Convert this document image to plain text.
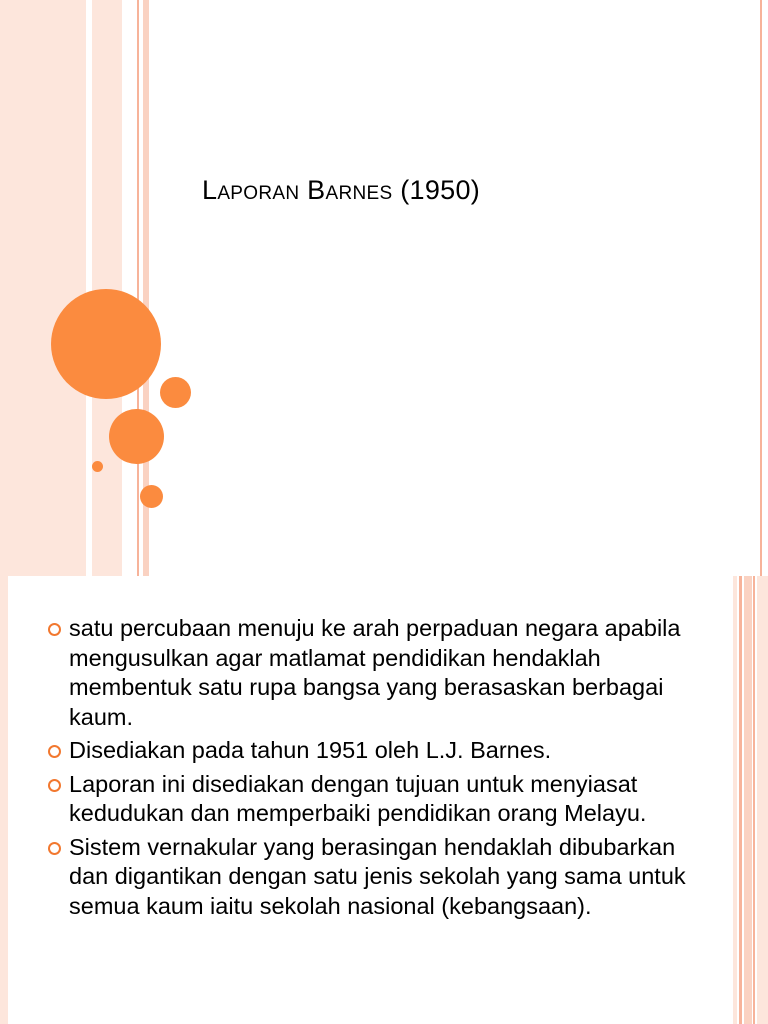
Laporan Barnes (1950)
satu percubaan menuju ke arah perpaduan negara apabila mengusulkan agar matlamat pendidikan hendaklah membentuk satu rupa bangsa yang berasaskan berbagai kaum.
Disediakan pada tahun 1951 oleh L.J. Barnes.
Laporan ini disediakan dengan tujuan untuk menyiasat kedudukan dan memperbaiki pendidikan orang Melayu.
Sistem vernakular yang berasingan hendaklah dibubarkan dan digantikan dengan satu jenis sekolah yang sama untuk semua kaum iaitu sekolah nasional (kebangsaan).
